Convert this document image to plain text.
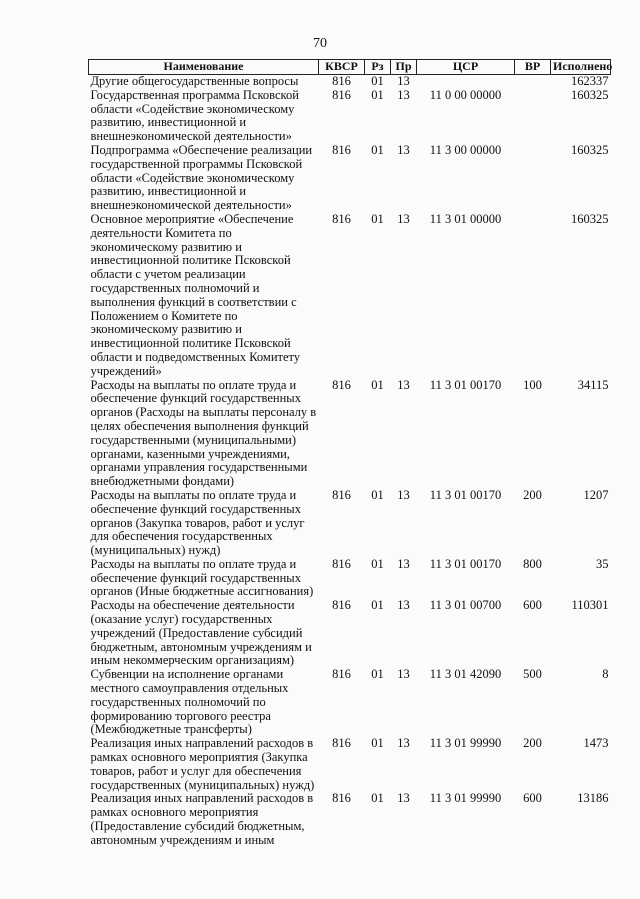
70
Наименование	КВСР	Рз	Пр	ЦСР	ВР	Исполнено
Другие общегосударственные вопросы	816	01	13			162337
Государственная программа Псковской области «Содействие экономическому развитию, инвестиционной и внешнеэкономической деятельности»	816	01	13	11 0 00 00000		160325
Подпрограмма «Обеспечение реализации государственной программы Псковской области «Содействие экономическому развитию, инвестиционной и внешнеэкономической деятельности»	816	01	13	11 3 00 00000		160325
Основное мероприятие «Обеспечение деятельности Комитета по экономическому развитию и инвестиционной политике Псковской области с учетом реализации государственных полномочий и выполнения функций в соответствии с Положением о Комитете по экономическому развитию и инвестиционной политике Псковской области и подведомственных Комитету учреждений»	816	01	13	11 3 01 00000		160325
Расходы на выплаты по оплате труда и обеспечение функций государственных органов (Расходы на выплаты персоналу в целях обеспечения выполнения функций государственными (муниципальными) органами, казенными учреждениями, органами управления государственными внебюджетными фондами)	816	01	13	11 3 01 00170	100	34115
Расходы на выплаты по оплате труда и обеспечение функций государственных органов (Закупка товаров, работ и услуг для обеспечения государственных (муниципальных) нужд)	816	01	13	11 3 01 00170	200	1207
Расходы на выплаты по оплате труда и обеспечение функций государственных органов (Иные бюджетные ассигнования)	816	01	13	11 3 01 00170	800	35
Расходы на обеспечение деятельности (оказание услуг) государственных учреждений (Предоставление субсидий бюджетным, автономным учреждениям и иным некоммерческим организациям)	816	01	13	11 3 01 00700	600	110301
Субвенции на исполнение органами местного самоуправления отдельных государственных полномочий по формированию торгового реестра (Межбюджетные трансферты)	816	01	13	11 3 01 42090	500	8
Реализация иных направлений расходов в рамках основного мероприятия (Закупка товаров, работ и услуг для обеспечения государственных (муниципальных) нужд)	816	01	13	11 3 01 99990	200	1473
Реализация иных направлений расходов в рамках основного мероприятия (Предоставление субсидий бюджетным, автономным учреждениям и иным	816	01	13	11 3 01 99990	600	13186
